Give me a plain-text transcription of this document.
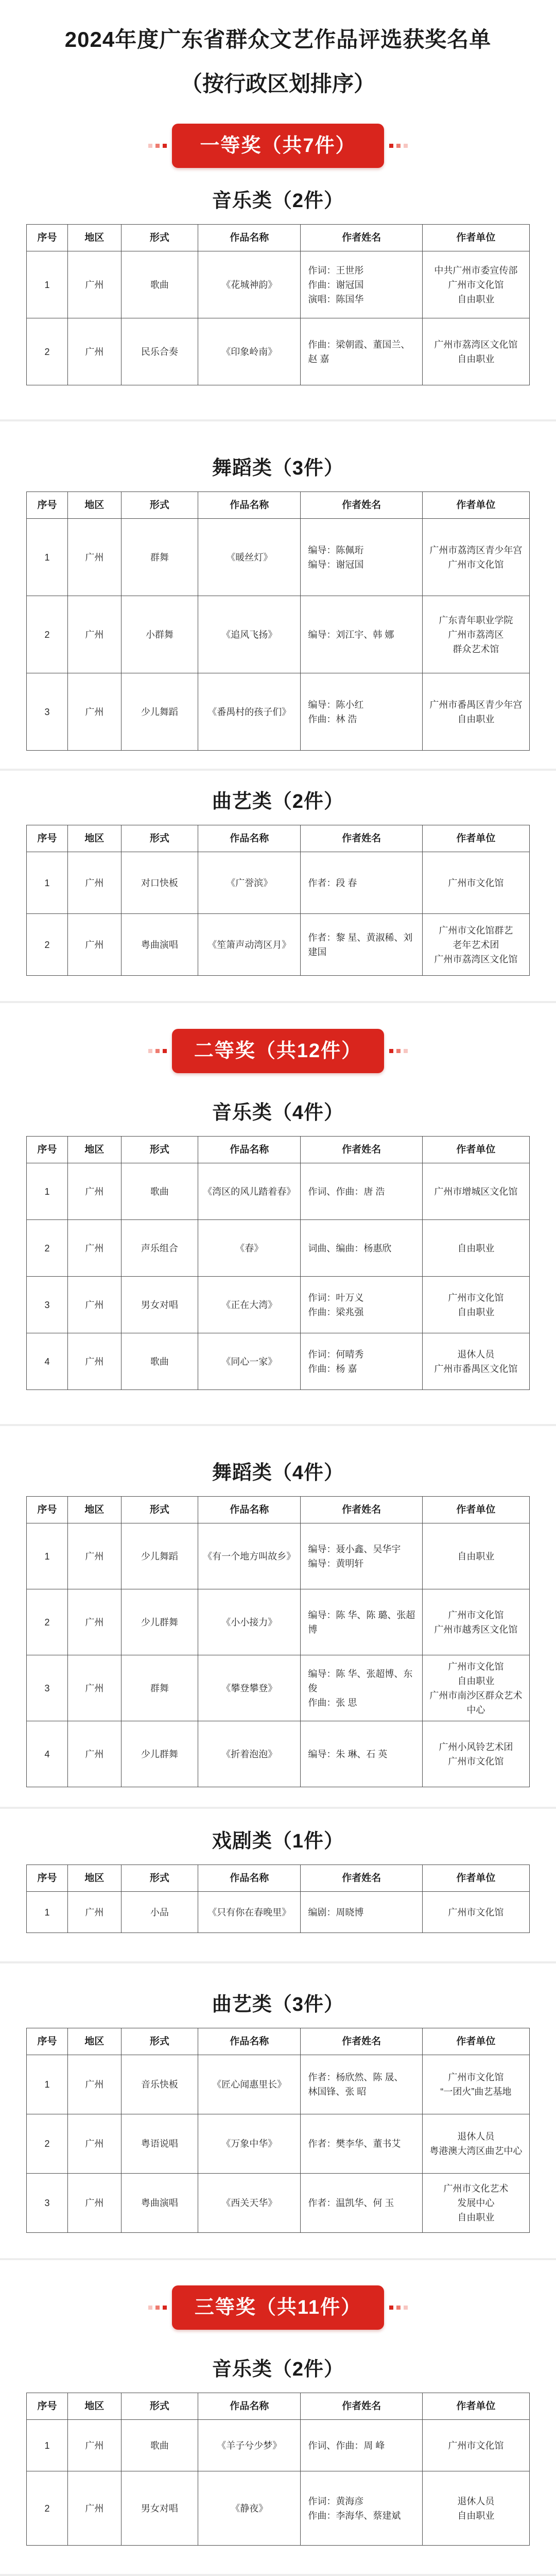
2024年度广东省群众文艺作品评选获奖名单
（按行政区划排序）
一等奖（共7件）
音乐类（2件）
序号	地区	形式	作品名称	作者姓名	作者单位
1	广州	歌曲	《花城神韵》	作词：王世彤
作曲：谢冠国
演唱：陈国华	中共广州市委宣传部
广州市文化馆
自由职业

2	广州	民乐合奏	《印象岭南》	作曲：梁朝霞、董国兰、赵 嘉	广州市荔湾区文化馆
自由职业
舞蹈类（3件）
序号	地区	形式	作品名称	作者姓名	作者单位
1	广州	群舞	《暖丝灯》	编导：陈佩珩
编导：谢冠国	广州市荔湾区青少年宫
广州市文化馆

2	广州	小群舞	《追风飞扬》	编导：刘江宇、韩 娜	广东青年职业学院
广州市荔湾区
群众艺术馆

3	广州	少儿舞蹈	《番禺村的孩子们》	编导：陈小红
作曲：林 浩	广州市番禺区青少年宫
自由职业
曲艺类（2件）
序号	地区	形式	作品名称	作者姓名	作者单位
1	广州	对口快板	《广誉滨》	作者：段 春	广州市文化馆

2	广州	粤曲演唱	《笙箫声动湾区月》	作者：黎 星、黄淑稀、刘建国	广州市文化馆群艺
老年艺术团
广州市荔湾区文化馆
二等奖（共12件）
音乐类（4件）
序号	地区	形式	作品名称	作者姓名	作者单位
1	广州	歌曲	《湾区的风儿踏着春》	作词、作曲：唐 浩	广州市增城区文化馆

2	广州	声乐组合	《春》	词曲、编曲：杨惠欣	自由职业

3	广州	男女对唱	《正在大湾》	作词：叶万义
作曲：梁兆强	广州市文化馆
自由职业

4	广州	歌曲	《同心一家》	作词：何晴秀
作曲：杨 嘉	退休人员
广州市番禺区文化馆
舞蹈类（4件）
序号	地区	形式	作品名称	作者姓名	作者单位
1	广州	少儿舞蹈	《有一个地方叫故乡》	编导：聂小鑫、吴华宇
编导：黄明轩	自由职业

2	广州	少儿群舞	《小小接力》	编导：陈 华、陈 璐、张超博	广州市文化馆
广州市越秀区文化馆

3	广州	群舞	《攀登攀登》	编导：陈 华、张超博、东 俊
作曲：张 思	广州市文化馆
自由职业
广州市南沙区群众艺术中心

4	广州	少儿群舞	《折着泡泡》	编导：朱 琳、石 英	广州小风铃艺术团
广州市文化馆
戏剧类（1件）
序号	地区	形式	作品名称	作者姓名	作者单位
1	广州	小品	《只有你在春晚里》	编剧：周晓博	广州市文化馆
曲艺类（3件）
序号	地区	形式	作品名称	作者姓名	作者单位
1	广州	音乐快板	《匠心闻惠里长》	作者：杨欣然、陈 晟、
林国锋、张 昭	广州市文化馆
“一团火”曲艺基地

2	广州	粤语说唱	《万象中华》	作者：樊李华、董书艾	退休人员
粤港澳大湾区曲艺中心

3	广州	粤曲演唱	《西关天华》	作者：温凯华、何 玉	广州市文化艺术
发展中心
自由职业
三等奖（共11件）
音乐类（2件）
序号	地区	形式	作品名称	作者姓名	作者单位
1	广州	歌曲	《羊子兮少梦》	作词、作曲：周 峰	广州市文化馆

2	广州	男女对唱	《静夜》	作词：黄海彦
作曲：李海华、蔡建斌	退休人员
自由职业
